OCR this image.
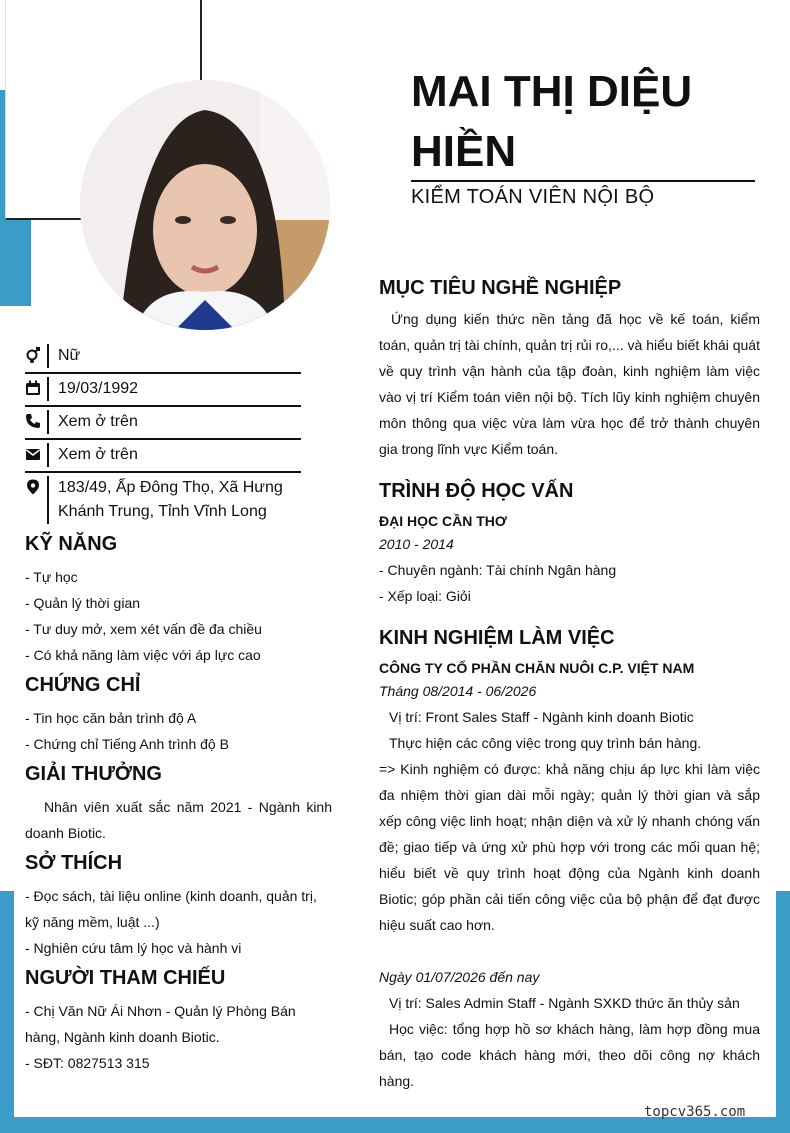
MAI THỊ DIỆU HIỀN
KIỂM TOÁN VIÊN NỘI BỘ
Nữ
19/03/1992
Xem ở trên
Xem ở trên
183/49, Ấp Đông Thọ, Xã Hưng Khánh Trung, Tỉnh Vĩnh Long
KỸ NĂNG
- Tự học
- Quản lý thời gian
- Tư duy mở, xem xét vấn đề đa chiều
- Có khả năng làm việc với áp lực cao
CHỨNG CHỈ
- Tin học căn bản trình độ A
- Chứng chỉ Tiếng Anh trình độ B
GIẢI THƯỞNG
Nhân viên xuất sắc năm 2021 - Ngành kinh doanh Biotic.
SỞ THÍCH
- Đọc sách, tài liệu online (kinh doanh, quản trị, kỹ năng mềm, luật ...)
- Nghiên cứu tâm lý học và hành vi
NGƯỜI THAM CHIẾU
- Chị Văn Nữ Ái Nhơn - Quản lý Phòng Bán hàng, Ngành kinh doanh Biotic.
- SĐT: 0827513 315
MỤC TIÊU NGHỀ NGHIỆP
Ứng dụng kiến thức nền tảng đã học về kế toán, kiểm toán, quản trị tài chính, quản trị rủi ro,... và hiểu biết khái quát về quy trình vận hành của tập đoàn, kinh nghiệm làm việc vào vị trí Kiểm toán viên nội bộ. Tích lũy kinh nghiệm chuyên môn thông qua việc vừa làm vừa học để trở thành chuyên gia trong lĩnh vực Kiểm toán.
TRÌNH ĐỘ HỌC VẤN
ĐẠI HỌC CẦN THƠ
2010 - 2014
- Chuyên ngành: Tài chính Ngân hàng
- Xếp loại: Giỏi
KINH NGHIỆM LÀM VIỆC
CÔNG TY CỔ PHẦN CHĂN NUÔI C.P. VIỆT NAM
Tháng 08/2014 - 06/2026
Vị trí: Front Sales Staff - Ngành kinh doanh Biotic
Thực hiện các công việc trong quy trình bán hàng.
=> Kinh nghiệm có được: khả năng chịu áp lực khi làm việc đa nhiệm thời gian dài mỗi ngày; quản lý thời gian và sắp xếp công việc linh hoạt; nhận diện và xử lý nhanh chóng vấn đề; giao tiếp và ứng xử phù hợp với trong các mối quan hệ; hiểu biết về quy trình hoạt động của Ngành kinh doanh Biotic; góp phần cải tiến công việc của bộ phận để đạt được hiệu suất cao hơn.
Ngày 01/07/2026 đến nay
Vị trí: Sales Admin Staff - Ngành SXKD thức ăn thủy sản
Học việc: tổng hợp hồ sơ khách hàng, làm hợp đồng mua bán, tạo code khách hàng mới, theo dõi công nợ khách hàng.
topcv365.com
